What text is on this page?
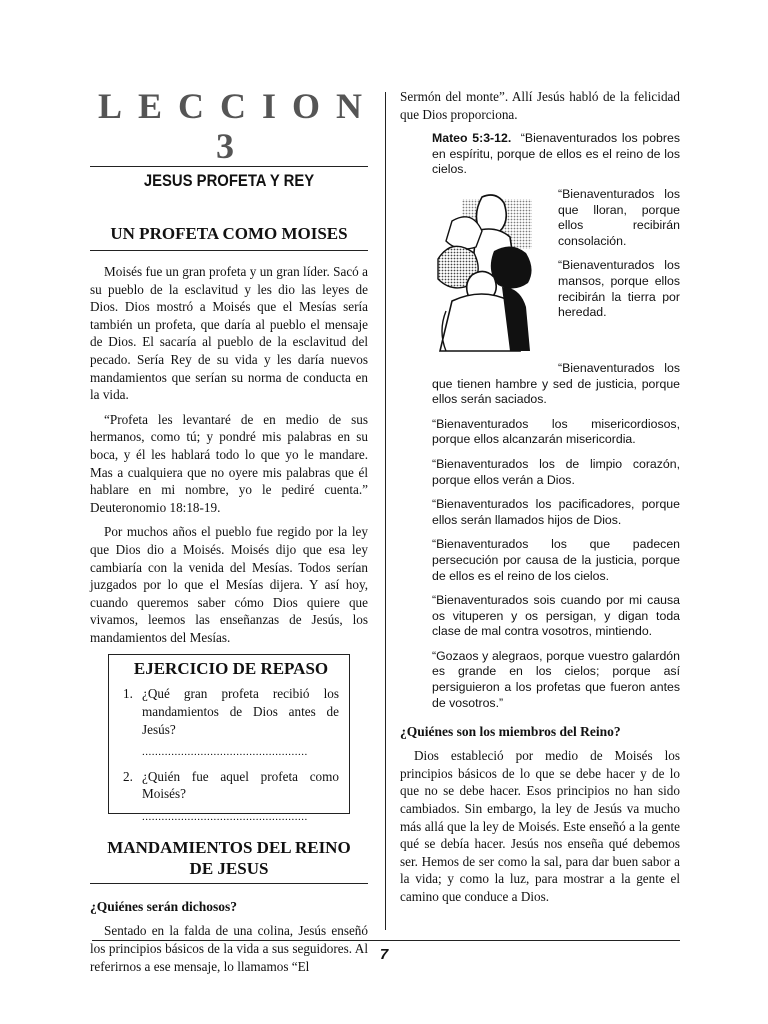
LECCION 3
JESUS PROFETA Y REY
UN PROFETA COMO MOISES

Moisés fue un gran profeta y un gran líder. Sacó a su pueblo de la esclavitud y les dio las leyes de Dios. Dios mostró a Moisés que el Mesías sería también un profeta, que daría al pueblo el mensaje de Dios. El sacaría al pueblo de la esclavitud del pecado. Sería Rey de su vida y les daría nuevos mandamientos que serían su norma de conducta en la vida.

“Profeta les levantaré de en medio de sus hermanos, como tú; y pondré mis palabras en su boca, y él les hablará todo lo que yo le mandare. Mas a cualquiera que no oyere mis palabras que él hablare en mi nombre, yo le pediré cuenta.” Deuteronomio 18:18-19.

Por muchos años el pueblo fue regido por la ley que Dios dio a Moisés. Moisés dijo que esa ley cambiaría con la venida del Mesías. Todos serían juzgados por lo que el Mesías dijera. Y así hoy, cuando queremos saber cómo Dios quiere que vivamos, leemos las enseñanzas de Jesús, los mandamientos del Mesías.

EJERCICIO DE REPASO
1. ¿Qué gran profeta recibió los mandamientos de Dios antes de Jesús?
...................................................
2. ¿Quién fue aquel profeta como Moisés?
...................................................
MANDAMIENTOS DEL REINO
DE JESUS
¿Quiénes serán dichosos?

Sentado en la falda de una colina, Jesús enseñó los principios básicos de la vida a sus seguidores. Al referirnos a ese mensaje, lo llamamos “El

Sermón del monte”. Allí Jesús habló de la felicidad que Dios proporciona.

Mateo 5:3-12. “Bienaventurados los pobres en espíritu, porque de ellos es el reino de los cielos.

“Bienaventurados los que lloran, porque ellos recibirán consolación.

“Bienaventurados los mansos, porque ellos recibirán la tierra por heredad.

“Bienaventurados los que tienen hambre y sed de justicia, porque ellos serán saciados.

“Bienaventurados los misericordiosos, porque ellos alcanzarán misericordia.

“Bienaventurados los de limpio corazón, porque ellos verán a Dios.

“Bienaventurados los pacificadores, porque ellos serán llamados hijos de Dios.

“Bienaventurados los que padecen persecución por causa de la justicia, porque de ellos es el reino de los cielos.

“Bienaventurados sois cuando por mi causa os vituperen y os persigan, y digan toda clase de mal contra vosotros, mintiendo.

“Gozaos y alegraos, porque vuestro galardón es grande en los cielos; porque así persiguieron a los profetas que fueron antes de vosotros.”

¿Quiénes son los miembros del Reino?

Dios estableció por medio de Moisés los principios básicos de lo que se debe hacer y de lo que no se debe hacer. Esos principios no han sido cambiados. Sin embargo, la ley de Jesús va mucho más allá que la ley de Moisés. Este enseñó a la gente qué se debía hacer. Jesús nos enseña qué debemos ser. Hemos de ser como la sal, para dar buen sabor a la vida; y como la luz, para mostrar a la gente el camino que conduce a Dios.

7
